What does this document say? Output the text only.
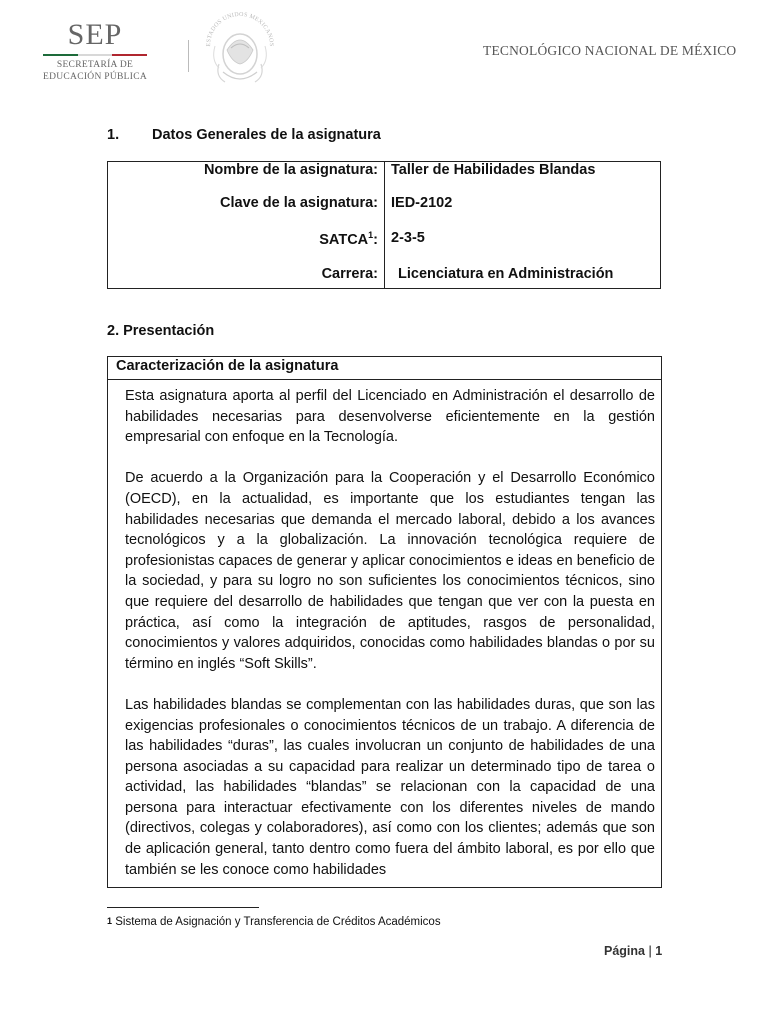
SEP
SECRETARÍA DE
EDUCACIÓN PÚBLICA
ESTADOS UNIDOS MEXICANOS	TECNOLÓGICO NACIONAL DE MÉXICO
1. Datos Generales de la asignatura
Nombre de la asignatura: Taller de Habilidades Blandas
Clave de la asignatura: IED-2102
SATCA$^1$: 2-3-5
Carrera: Licenciatura en Administración
2. Presentación
Caracterización de la asignatura

Esta asignatura aporta al perfil del Licenciado en Administración el desarrollo de habilidades necesarias para desenvolverse eficientemente en la gestión empresarial con enfoque en la Tecnología.

De acuerdo a la Organización para la Cooperación y el Desarrollo Económico (OECD), en la actualidad, es importante que los estudiantes tengan las habilidades necesarias que demanda el mercado laboral, debido a los avances tecnológicos y a la globalización. La innovación tecnológica requiere de profesionistas capaces de generar y aplicar conocimientos e ideas en beneficio de la sociedad, y para su logro no son suficientes los conocimientos técnicos, sino que requiere del desarrollo de habilidades que tengan que ver con la puesta en práctica, así como la integración de aptitudes, rasgos de personalidad, conocimientos y valores adquiridos, conocidas como habilidades blandas o por su término en inglés “Soft Skills”.

Las habilidades blandas se complementan con las habilidades duras, que son las exigencias profesionales o conocimientos técnicos de un trabajo. A diferencia de las habilidades “duras”, las cuales involucran un conjunto de habilidades de una persona asociadas a su capacidad para realizar un determinado tipo de tarea o actividad, las habilidades “blandas” se relacionan con la capacidad de una persona para interactuar efectivamente con los diferentes niveles de mando (directivos, colegas y colaboradores), así como con los clientes; además que son de aplicación general, tanto dentro como fuera del ámbito laboral, es por ello que también se les conoce como habilidades

$^1$ Sistema de Asignación y Transferencia de Créditos Académicos
Página | 1
